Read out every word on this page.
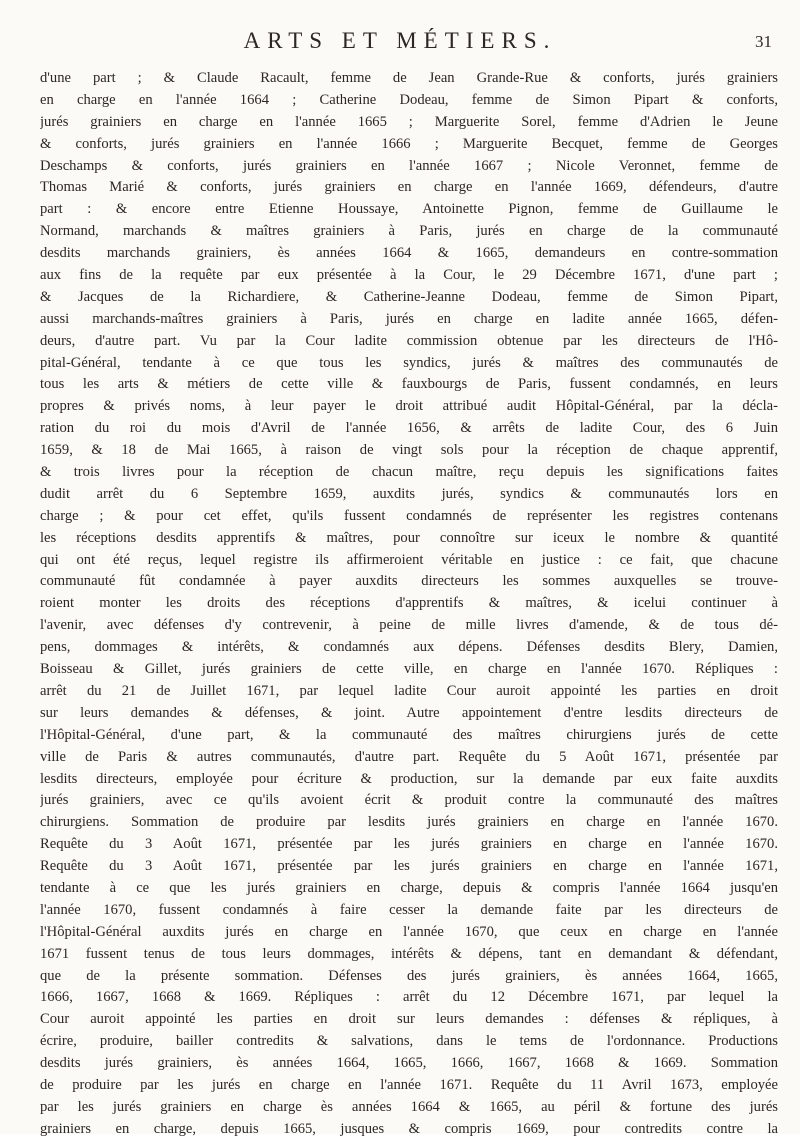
ARTS ET MÉTIERS.	31
d'une part ; & Claude Racault, femme de Jean Grande-Rue & conforts, jurés grainiers
en charge en l'année 1664 ; Catherine Dodeau, femme de Simon Pipart & conforts,
jurés grainiers en charge en l'année 1665 ; Marguerite Sorel, femme d'Adrien le Jeune
& conforts, jurés grainiers en l'année 1666 ; Marguerite Becquet, femme de Georges
Deschamps & conforts, jurés grainiers en l'année 1667 ; Nicole Veronnet, femme de
Thomas Marié & conforts, jurés grainiers en charge en l'année 1669, défendeurs, d'autre
part : & encore entre Etienne Houssaye, Antoinette Pignon, femme de Guillaume le
Normand, marchands & maîtres grainiers à Paris, jurés en charge de la communauté
desdits marchands grainiers, ès années 1664 & 1665, demandeurs en contre-sommation
aux fins de la requête par eux présentée à la Cour, le 29 Décembre 1671, d'une part ;
& Jacques de la Richardiere, & Catherine-Jeanne Dodeau, femme de Simon Pipart,
aussi marchands-maîtres grainiers à Paris, jurés en charge en ladite année 1665, défen-
deurs, d'autre part. Vu par la Cour ladite commission obtenue par les directeurs de l'Hô-
pital-Général, tendante à ce que tous les syndics, jurés & maîtres des communautés de
tous les arts & métiers de cette ville & fauxbourgs de Paris, fussent condamnés, en leurs
propres & privés noms, à leur payer le droit attribué audit Hôpital-Général, par la décla-
ration du roi du mois d'Avril de l'année 1656, & arrêts de ladite Cour, des 6 Juin
1659, & 18 de Mai 1665, à raison de vingt sols pour la réception de chaque apprentif,
& trois livres pour la réception de chacun maître, reçu depuis les significations faites
dudit arrêt du 6 Septembre 1659, auxdits jurés, syndics & communautés lors en
charge ; & pour cet effet, qu'ils fussent condamnés de représenter les registres contenans
les réceptions desdits apprentifs & maîtres, pour connoître sur iceux le nombre & quantité
qui ont été reçus, lequel registre ils affirmeroient véritable en justice : ce fait, que chacune
communauté fût condamnée à payer auxdits directeurs les sommes auxquelles se trouve-
roient monter les droits des réceptions d'apprentifs & maîtres, & icelui continuer à
l'avenir, avec défenses d'y contrevenir, à peine de mille livres d'amende, & de tous dé-
pens, dommages & intérêts, & condamnés aux dépens. Défenses desdits Blery, Damien,
Boisseau & Gillet, jurés grainiers de cette ville, en charge en l'année 1670. Répliques :
arrêt du 21 de Juillet 1671, par lequel ladite Cour auroit appointé les parties en droit
sur leurs demandes & défenses, & joint. Autre appointement d'entre lesdits directeurs de
l'Hôpital-Général, d'une part, & la communauté des maîtres chirurgiens jurés de cette
ville de Paris & autres communautés, d'autre part. Requête du 5 Août 1671, présentée par
lesdits directeurs, employée pour écriture & production, sur la demande par eux faite auxdits
jurés grainiers, avec ce qu'ils avoient écrit & produit contre la communauté des maîtres
chirurgiens. Sommation de produire par lesdits jurés grainiers en charge en l'année 1670.
Requête du 3 Août 1671, présentée par les jurés grainiers en charge en l'année 1670.
Requête du 3 Août 1671, présentée par les jurés grainiers en charge en l'année 1671,
tendante à ce que les jurés grainiers en charge, depuis & compris l'année 1664 jusqu'en
l'année 1670, fussent condamnés à faire cesser la demande faite par les directeurs de
l'Hôpital-Général auxdits jurés en charge en l'année 1670, que ceux en charge en l'année
1671 fussent tenus de tous leurs dommages, intérêts & dépens, tant en demandant & défendant,
que de la présente sommation. Défenses des jurés grainiers, ès années 1664, 1665,
1666, 1667, 1668 & 1669. Répliques : arrêt du 12 Décembre 1671, par lequel la
Cour auroit appointé les parties en droit sur leurs demandes : défenses & répliques, à
écrire, produire, bailler contredits & salvations, dans le tems de l'ordonnance. Productions
desdits jurés grainiers, ès années 1664, 1665, 1666, 1667, 1668 & 1669. Sommation
de produire par les jurés en charge en l'année 1671. Requête du 11 Avril 1673, employée
par les jurés grainiers en charge ès années 1664 & 1665, au péril & fortune des jurés
grainiers en charge, depuis 1665, jusques & compris 1669, pour contredits contre la
